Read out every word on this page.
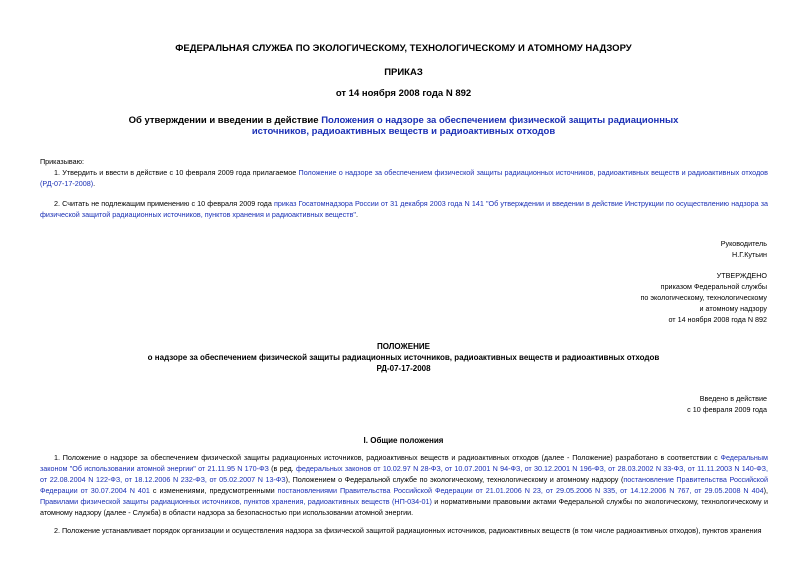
ФЕДЕРАЛЬНАЯ СЛУЖБА ПО ЭКОЛОГИЧЕСКОМУ, ТЕХНОЛОГИЧЕСКОМУ И АТОМНОМУ НАДЗОРУ
ПРИКАЗ
от 14 ноября 2008 года N 892
Об утверждении и введении в действие Положения о надзоре за обеспечением физической защиты радиационных источников, радиоактивных веществ и радиоактивных отходов
Приказываю:
1. Утвердить и ввести в действие с 10 февраля 2009 года прилагаемое Положение о надзоре за обеспечением физической защиты радиационных источников, радиоактивных веществ и радиоактивных отходов (РД-07-17-2008).
2. Считать не подлежащим применению с 10 февраля 2009 года приказ Госатомнадзора России от 31 декабря 2003 года N 141 "Об утверждении и введении в действие Инструкции по осуществлению надзора за физической защитой радиационных источников, пунктов хранения и радиоактивных веществ".
Руководитель
Н.Г.Кутьин
УТВЕРЖДЕНО
приказом Федеральной службы
по экологическому, технологическому
и атомному надзору
от 14 ноября 2008 года N 892
ПОЛОЖЕНИЕ
о надзоре за обеспечением физической защиты радиационных источников, радиоактивных веществ и радиоактивных отходов
РД-07-17-2008
Введено в действие
с 10 февраля 2009 года
I. Общие положения
1. Положение о надзоре за обеспечением физической защиты радиационных источников, радиоактивных веществ и радиоактивных отходов (далее - Положение) разработано в соответствии с Федеральным законом "Об использовании атомной энергии" от 21.11.95 N 170-ФЗ (в ред. федеральных законов от 10.02.97 N 28-ФЗ, от 10.07.2001 N 94-ФЗ, от 30.12.2001 N 196-ФЗ, от 28.03.2002 N 33-ФЗ, от 11.11.2003 N 140-ФЗ, от 22.08.2004 N 122-ФЗ, от 18.12.2006 N 232-ФЗ, от 05.02.2007 N 13-ФЗ), Положением о Федеральной службе по экологическому, технологическому и атомному надзору (постановление Правительства Российской Федерации от 30.07.2004 N 401 с изменениями, предусмотренными постановлениями Правительства Российской Федерации от 21.01.2006 N 23, от 29.05.2006 N 335, от 14.12.2006 N 767, от 29.05.2008 N 404), Правилами физической защиты радиационных источников, пунктов хранения, радиоактивных веществ (НП-034-01) и нормативными правовыми актами Федеральной службы по экологическому, технологическому и атомному надзору (далее - Служба) в области надзора за безопасностью при использовании атомной энергии.
2. Положение устанавливает порядок организации и осуществления надзора за физической защитой радиационных источников, радиоактивных веществ (в том числе радиоактивных отходов), пунктов хранения
